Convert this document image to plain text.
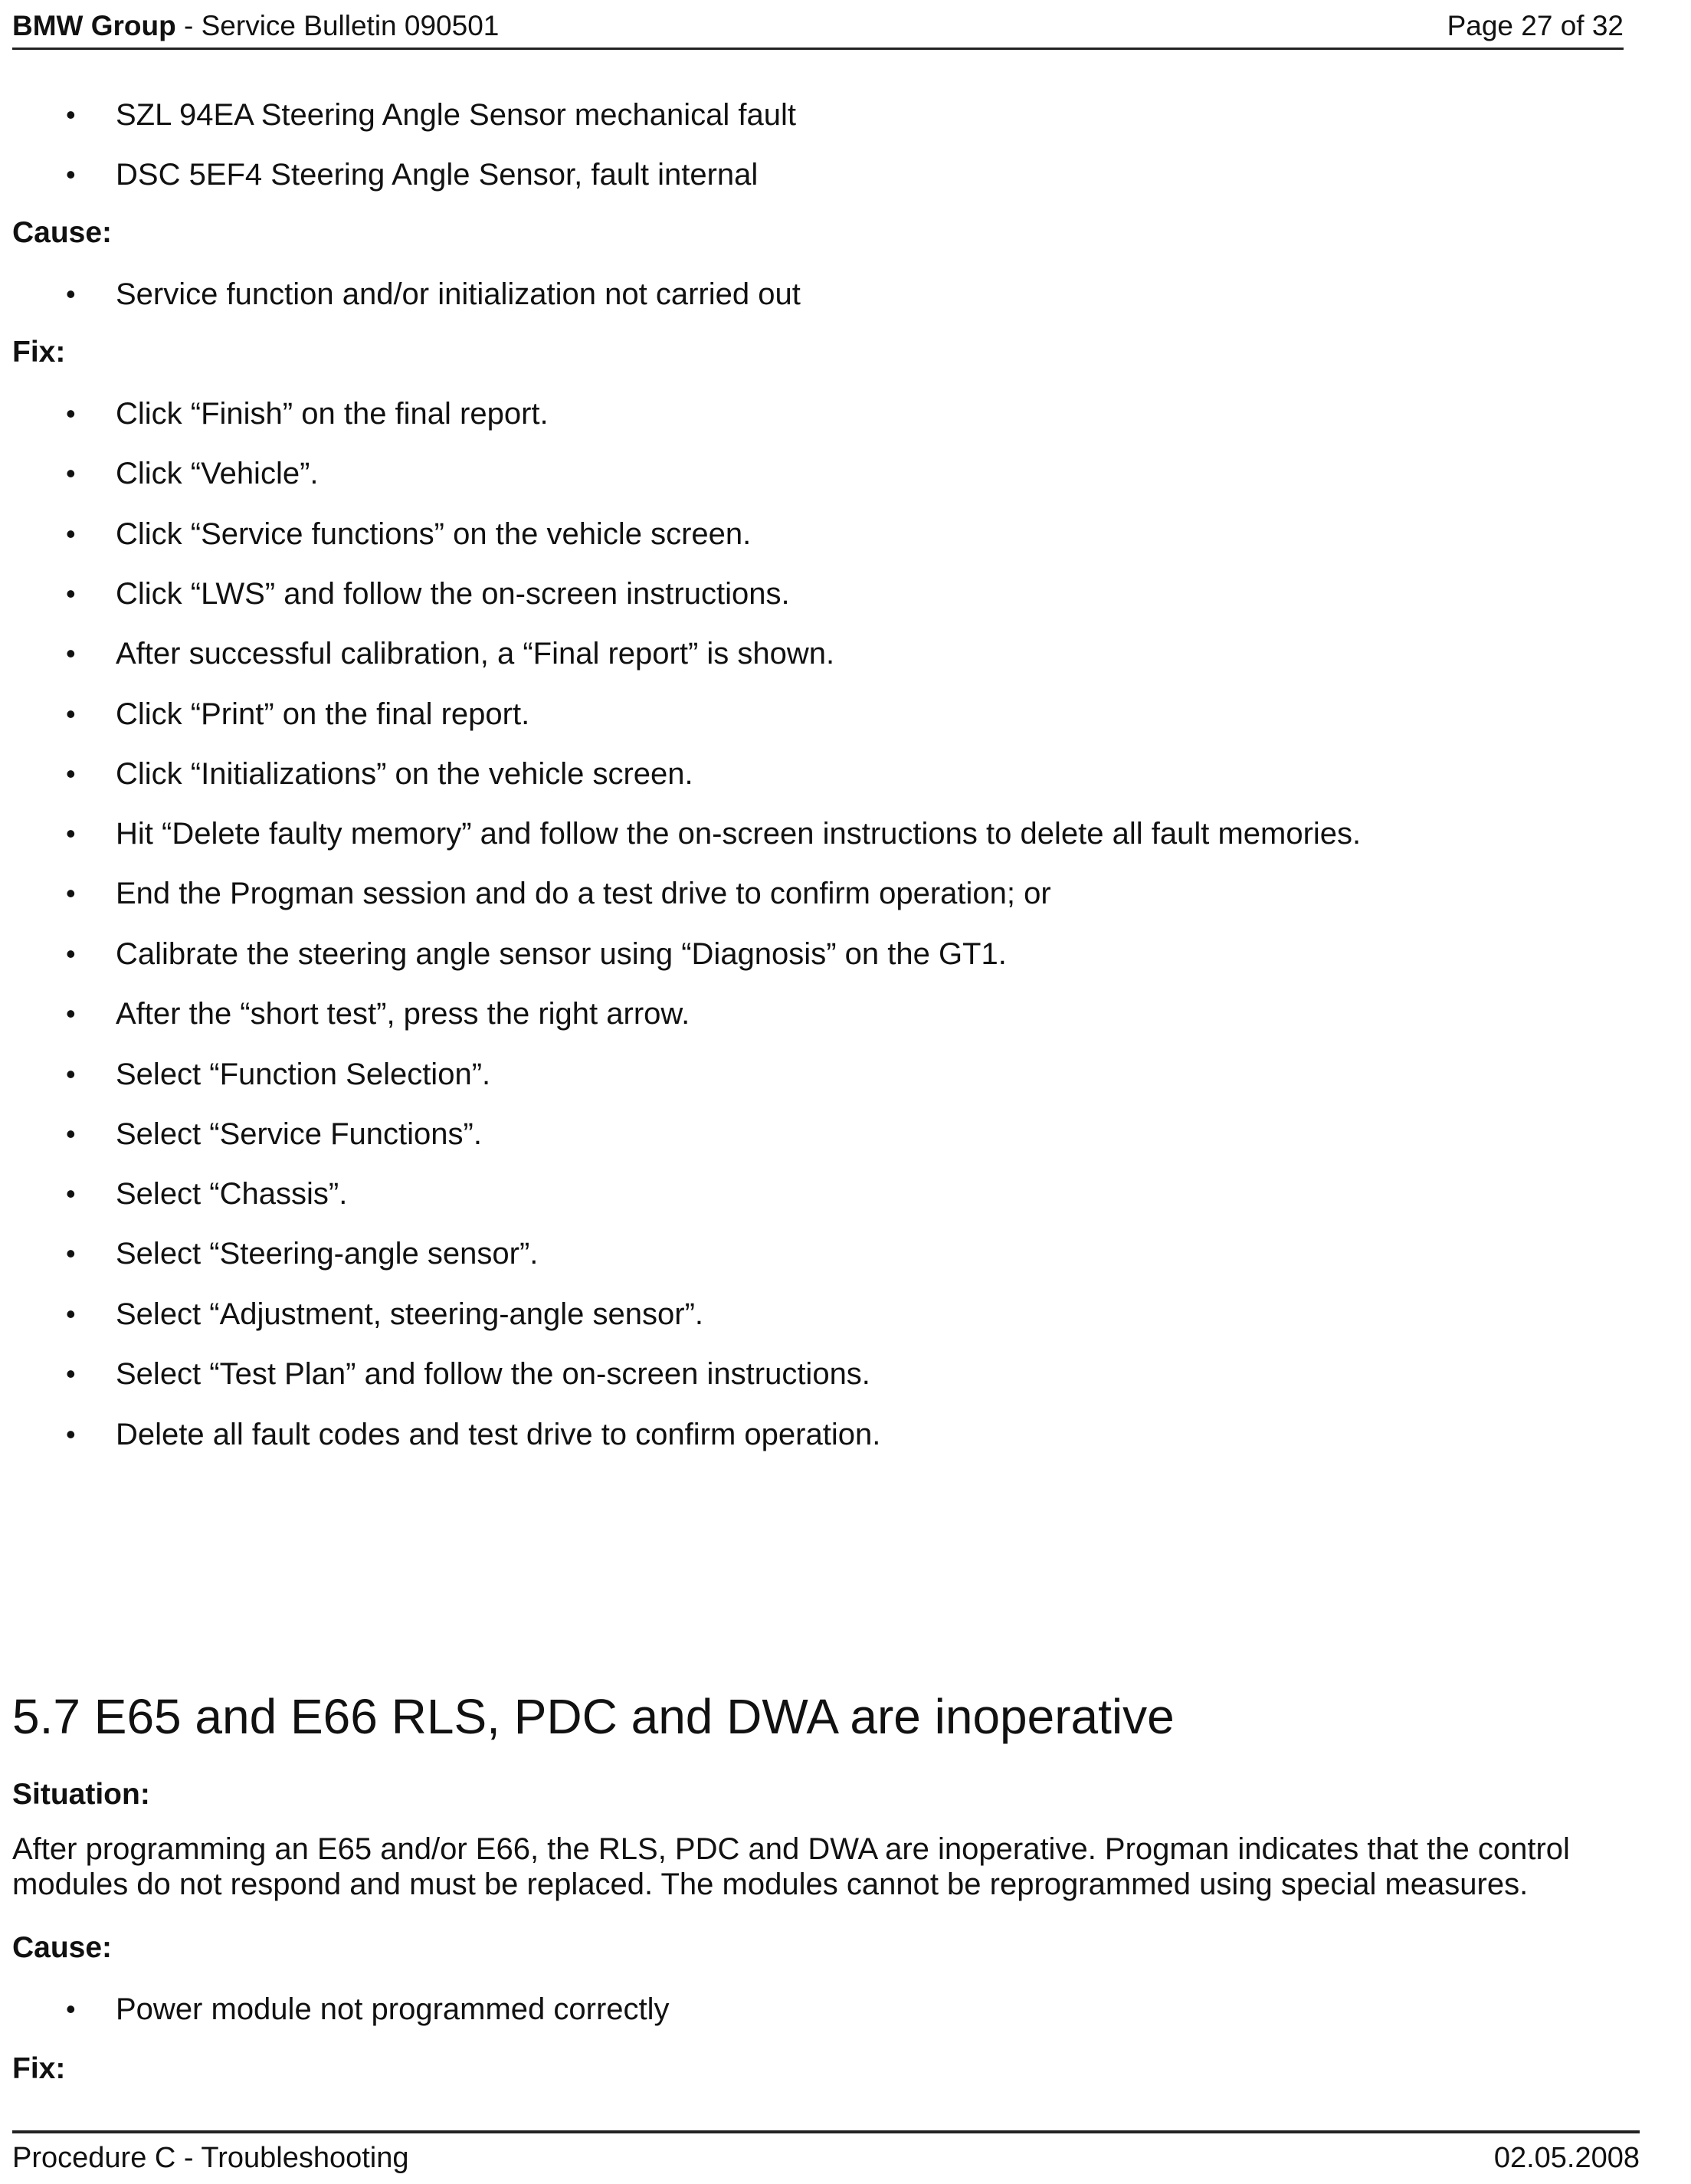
BMW Group - Service Bulletin 090501	Page 27 of 32
• SZL 94EA Steering Angle Sensor mechanical fault
• DSC 5EF4 Steering Angle Sensor, fault internal
Cause:
• Service function and/or initialization not carried out
Fix:
• Click “Finish” on the final report.
• Click “Vehicle”.
• Click “Service functions” on the vehicle screen.
• Click “LWS” and follow the on-screen instructions.
• After successful calibration, a “Final report” is shown.
• Click “Print” on the final report.
• Click “Initializations” on the vehicle screen.
• Hit “Delete faulty memory” and follow the on-screen instructions to delete all fault memories.
• End the Progman session and do a test drive to confirm operation; or
• Calibrate the steering angle sensor using “Diagnosis” on the GT1.
• After the “short test”, press the right arrow.
• Select “Function Selection”.
• Select “Service Functions”.
• Select “Chassis”.
• Select “Steering-angle sensor”.
• Select “Adjustment, steering-angle sensor”.
• Select “Test Plan” and follow the on-screen instructions.
• Delete all fault codes and test drive to confirm operation.
5.7 E65 and E66 RLS, PDC and DWA are inoperative
Situation:
After programming an E65 and/or E66, the RLS, PDC and DWA are inoperative. Progman indicates that the control modules do not respond and must be replaced. The modules cannot be reprogrammed using special measures.
Cause:
• Power module not programmed correctly
Fix:
Procedure C - Troubleshooting	02.05.2008
